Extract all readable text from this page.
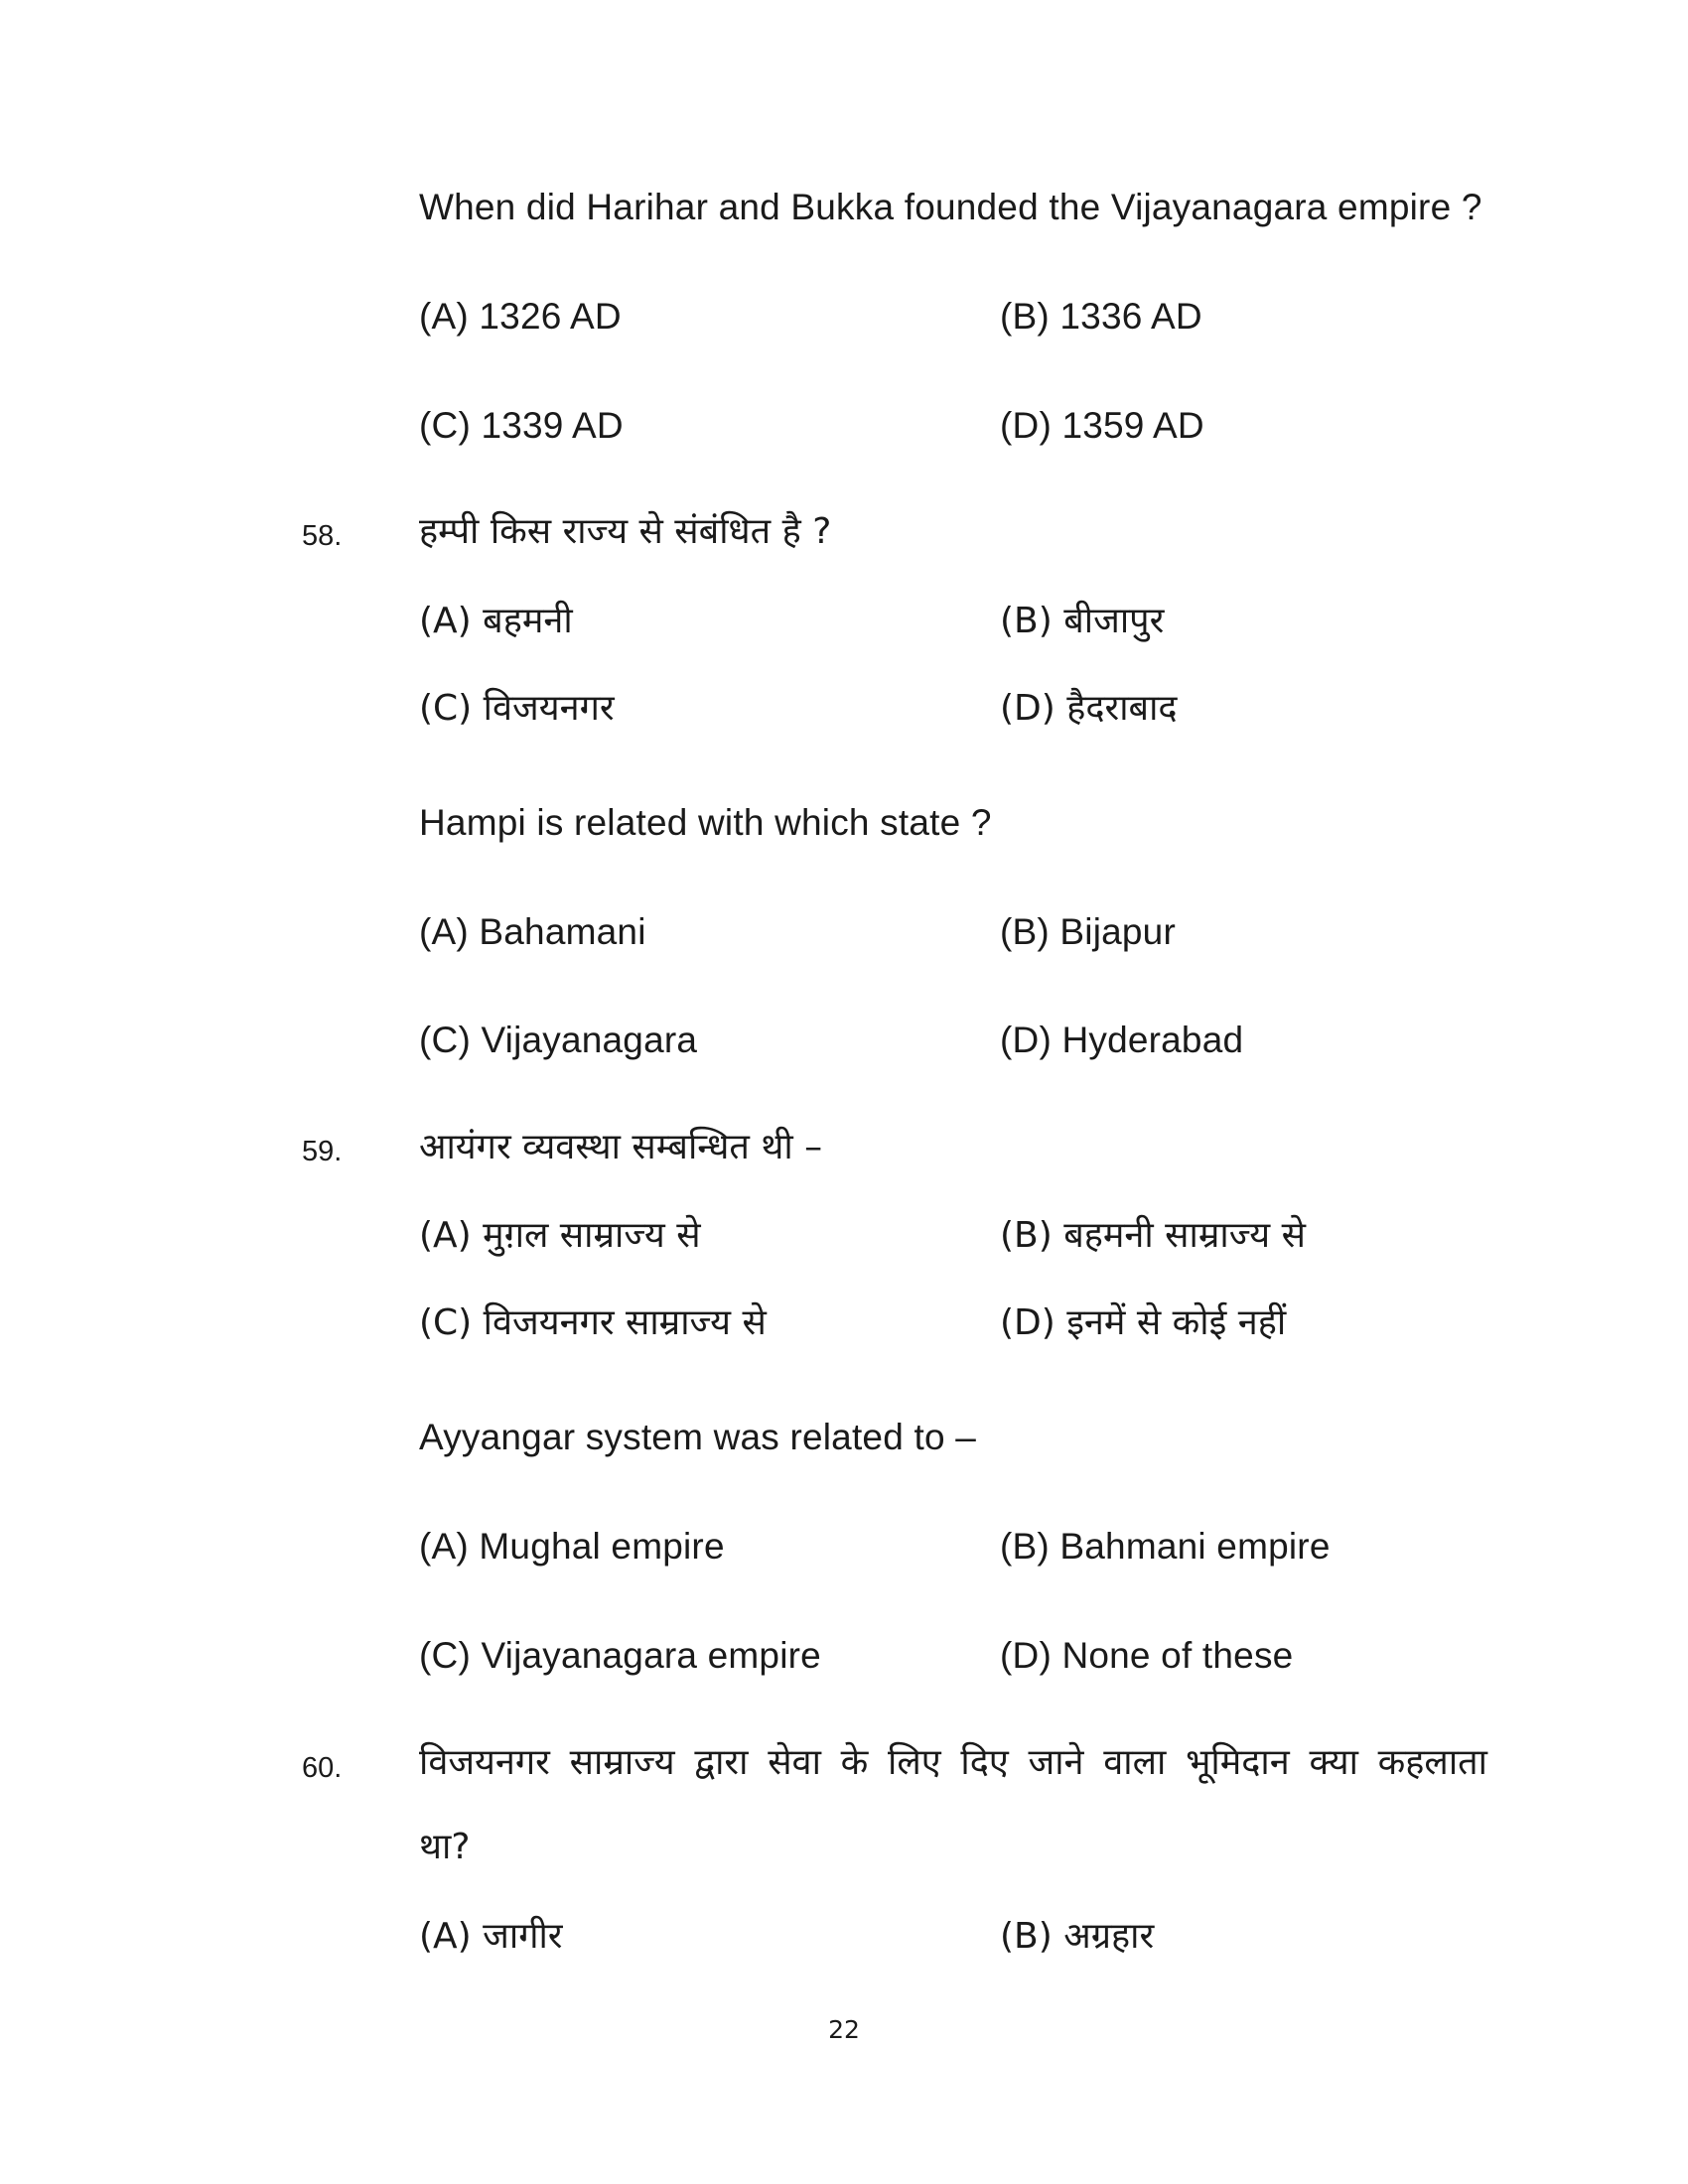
When did Harihar and Bukka founded the Vijayanagara empire ?
(A) 1326 AD	(B) 1336 AD
(C) 1339 AD	(D) 1359 AD
58. हम्पी किस राज्य से संबंधित है ?
(A) बहमनी	(B) बीजापुर
(C) विजयनगर	(D) हैदराबाद
Hampi is related with which state ?
(A) Bahamani	(B) Bijapur
(C) Vijayanagara	(D) Hyderabad
59. आयंगर व्यवस्था सम्बन्धित थी –
(A) मुग़ल साम्राज्य से	(B) बहमनी साम्राज्य से
(C) विजयनगर साम्राज्य से	(D) इनमें से कोई नहीं
Ayyangar system was related to –
(A) Mughal empire	(B) Bahmani empire
(C) Vijayanagara empire	(D) None of these
60. विजयनगर साम्राज्य द्वारा सेवा के लिए दिए जाने वाला भूमिदान क्या कहलाता
था?
(A) जागीर	(B) अग्रहार
22
